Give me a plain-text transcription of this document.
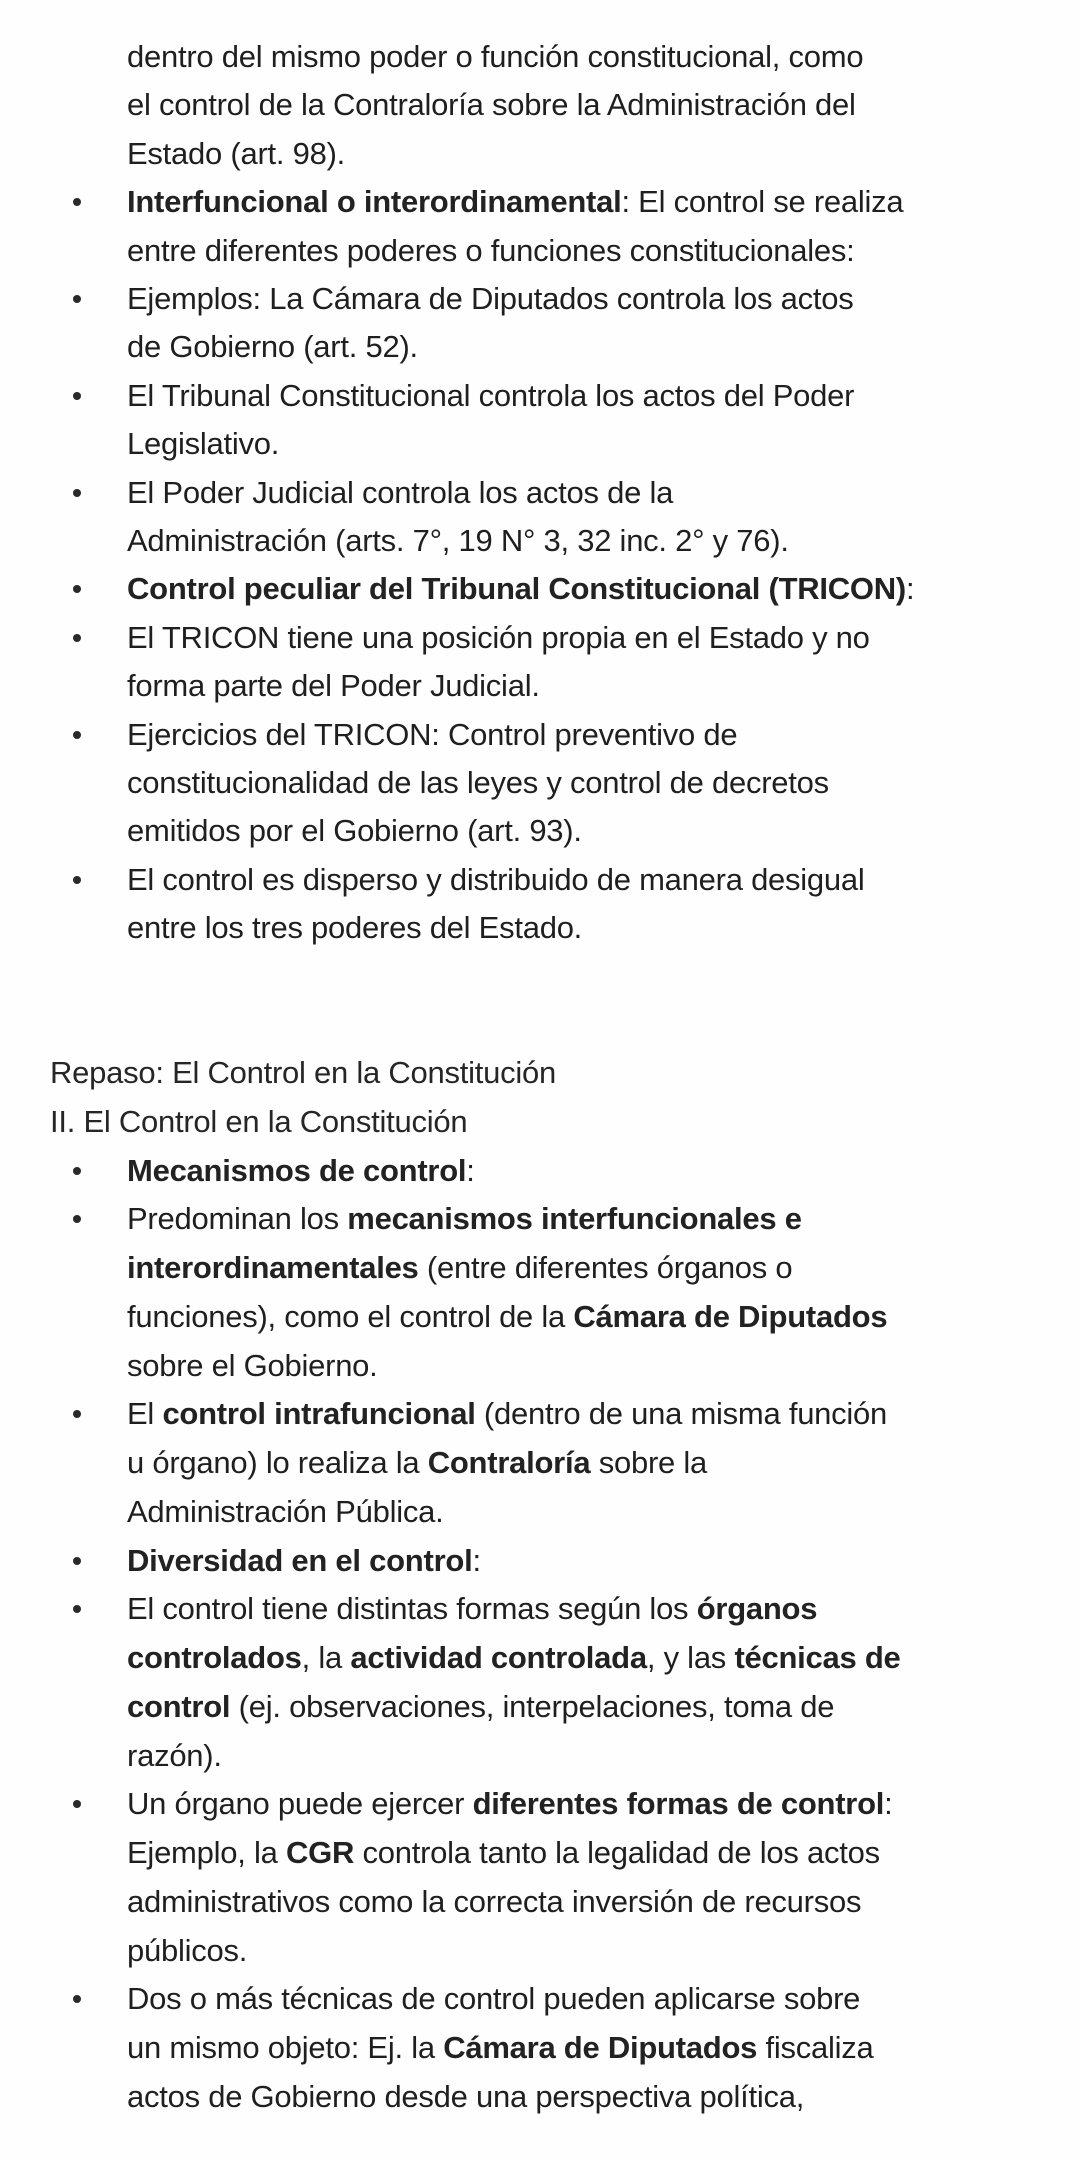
dentro del mismo poder o función constitucional, como
el control de la Contraloría sobre la Administración del
Estado (art. 98).
Interfuncional o interordinamental: El control se realiza
entre diferentes poderes o funciones constitucionales:
Ejemplos: La Cámara de Diputados controla los actos
de Gobierno (art. 52).
El Tribunal Constitucional controla los actos del Poder
Legislativo.
El Poder Judicial controla los actos de la
Administración (arts. 7°, 19 N° 3, 32 inc. 2° y 76).
Control peculiar del Tribunal Constitucional (TRICON):
El TRICON tiene una posición propia en el Estado y no
forma parte del Poder Judicial.
Ejercicios del TRICON: Control preventivo de
constitucionalidad de las leyes y control de decretos
emitidos por el Gobierno (art. 93).
El control es disperso y distribuido de manera desigual
entre los tres poderes del Estado.
Repaso: El Control en la Constitución
II. El Control en la Constitución
Mecanismos de control:
Predominan los mecanismos interfuncionales e
interordinamentales (entre diferentes órganos o
funciones), como el control de la Cámara de Diputados
sobre el Gobierno.
El control intrafuncional (dentro de una misma función
u órgano) lo realiza la Contraloría sobre la
Administración Pública.
Diversidad en el control:
El control tiene distintas formas según los órganos
controlados, la actividad controlada, y las técnicas de
control (ej. observaciones, interpelaciones, toma de
razón).
Un órgano puede ejercer diferentes formas de control:
Ejemplo, la CGR controla tanto la legalidad de los actos
administrativos como la correcta inversión de recursos
públicos.
Dos o más técnicas de control pueden aplicarse sobre
un mismo objeto: Ej. la Cámara de Diputados fiscaliza
actos de Gobierno desde una perspectiva política,
